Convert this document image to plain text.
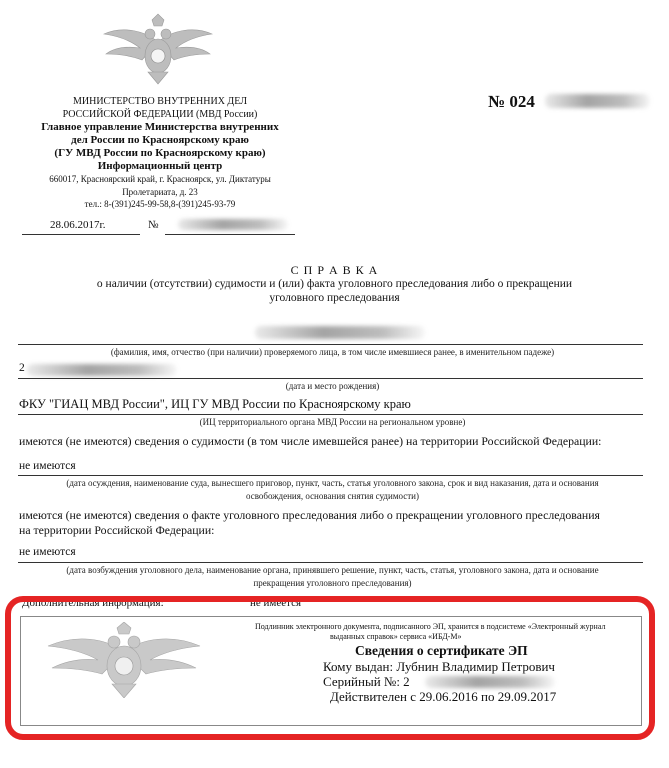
МИНИСТЕРСТВО ВНУТРЕННИХ ДЕЛ
РОССИЙСКОЙ ФЕДЕРАЦИИ (МВД России)
Главное управление Министерства внутренних
дел России по Красноярскому краю
(ГУ МВД России по Красноярскому краю)
Информационный центр
660017, Красноярский край, г. Красноярск, ул. Диктатуры
Пролетариата, д. 23
тел.: 8-(391)245-99-58,8-(391)245-93-79
№ 024
28.06.2017г.	№
С П Р А В К А
о наличии (отсутствии) судимости и (или) факта уголовного преследования либо о прекращении
уголовного преследования
(фамилия, имя, отчество (при наличии) проверяемого лица, в том числе имевшиеся ранее, в именительном падеже)
2
(дата и место рождения)
ФКУ "ГИАЦ МВД России", ИЦ ГУ МВД России по Красноярскому краю
(ИЦ территориального органа МВД России на региональном уровне)
имеются (не имеются) сведения о судимости (в том числе имевшейся ранее) на территории Российской Федерации:
не имеются
(дата осуждения, наименование суда, вынесшего приговор, пункт, часть, статья уголовного закона, срок и вид наказания, дата и основания
освобождения, основания снятия судимости)
имеются (не имеются) сведения о факте уголовного преследования либо о прекращении уголовного преследования
на территории Российской Федерации:
не имеются
(дата возбуждения уголовного дела, наименование органа, принявшего решение, пункт, часть, статья, уголовного закона, дата и основание
прекращения уголовного преследования)
Дополнительная информация:	не имеется
Подлинник электронного документа, подписанного ЭП, хранится в подсистеме «Электронный журнал
выданных справок» сервиса «ИБД-М»
Сведения о сертификате ЭП
Кому выдан: Лубнин Владимир Петрович
Серийный №: 2
Действителен с 29.06.2016 по 29.09.2017
